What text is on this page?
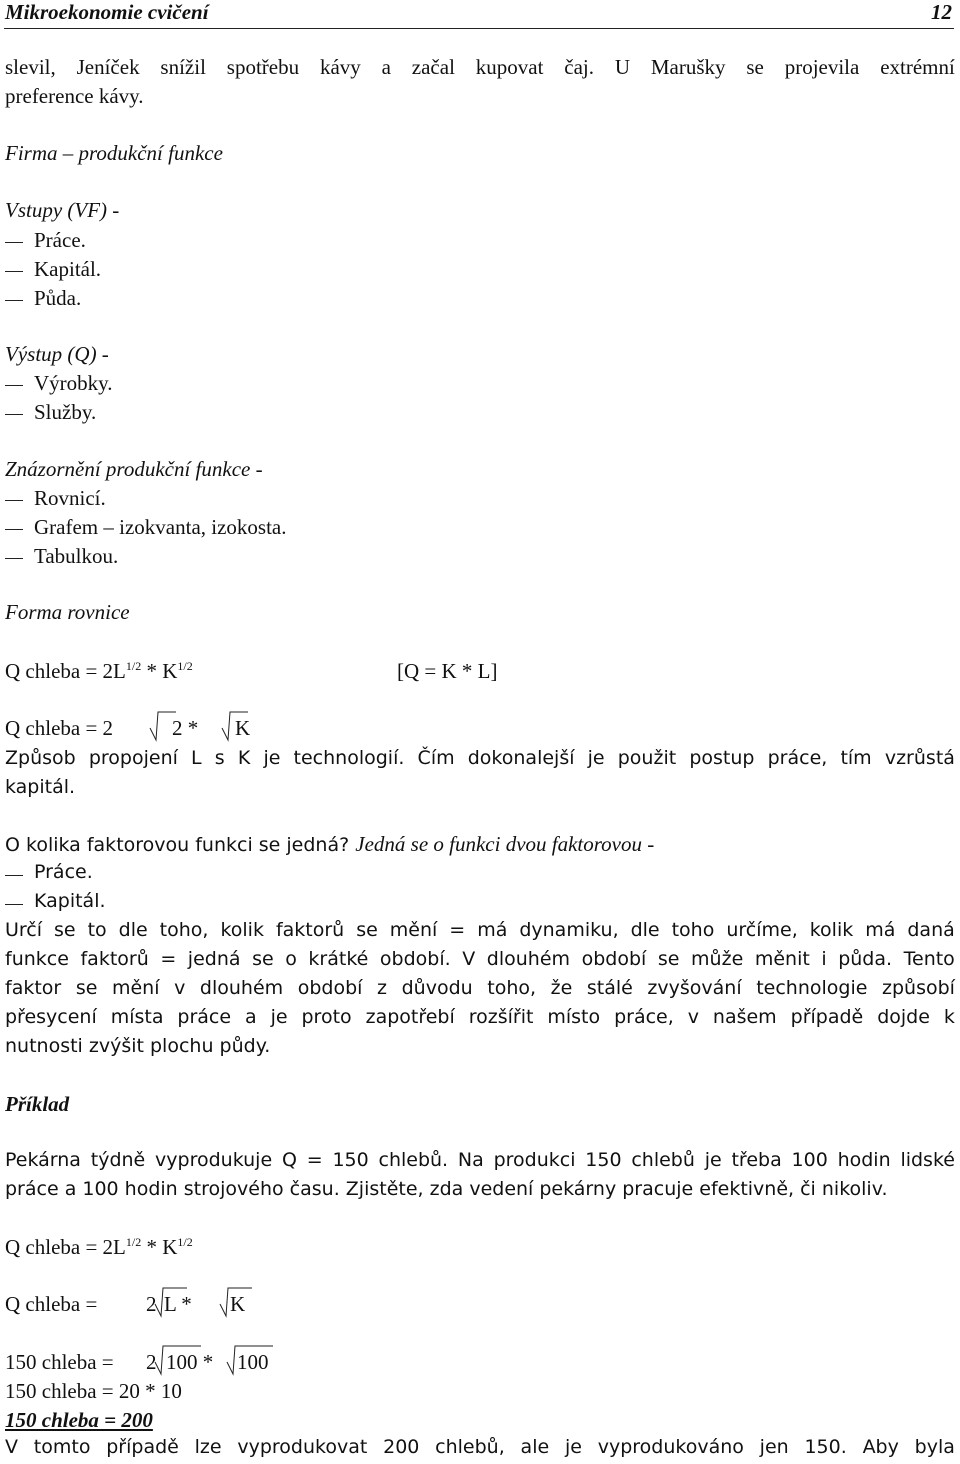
Mikroekonomie cvičení	12
slevil, Jeníček snížil spotřebu kávy a začal kupovat čaj. U Marušky se projevila extrémní
preference kávy.
Firma – produkční funkce
Vstupy (VF) -
Práce.
Kapitál.
Půda.
Výstup (Q) -
Výrobky.
Služby.
Znázornění produkční funkce -
Rovnicí.
Grafem – izokvanta, izokosta.
Tabulkou.
Forma rovnice
Q chleba = $2L^{1/2} * K^{1/2}$	[Q = K * L]
Q chleba = 2	2 * K
Způsob propojení L s K je technologií. Čím dokonalejší je použit postup práce, tím vzrůstá
kapitál.
O kolika faktorovou funkci se jedná? Jedná se o funkci dvou faktorovou -
Práce.
Kapitál.
Určí se to dle toho, kolik faktorů se mění = má dynamiku, dle toho určíme, kolik má daná
funkce faktorů = jedná se o krátké období. V dlouhém období se může měnit i půda. Tento
faktor se mění v dlouhém období z důvodu toho, že stálé zvyšování technologie způsobí
přesycení místa práce a je proto zapotřebí rozšířit místo práce, v našem případě dojde k
nutnosti zvýšit plochu půdy.
Příklad
Pekárna týdně vyprodukuje Q = 150 chlebů. Na produkci 150 chlebů je třeba 100 hodin lidské
práce a 100 hodin strojového času. Zjistěte, zda vedení pekárny pracuje efektivně, či nikoliv.
Q chleba = $2L^{1/2} * K^{1/2}$
Q chleba = 2 L * K
150 chleba = 2 100 * 100
150 chleba = 20 * 10
150 chleba = 200
V tomto případě lze vyprodukovat 200 chlebů, ale je vyprodukováno jen 150. Aby byla
